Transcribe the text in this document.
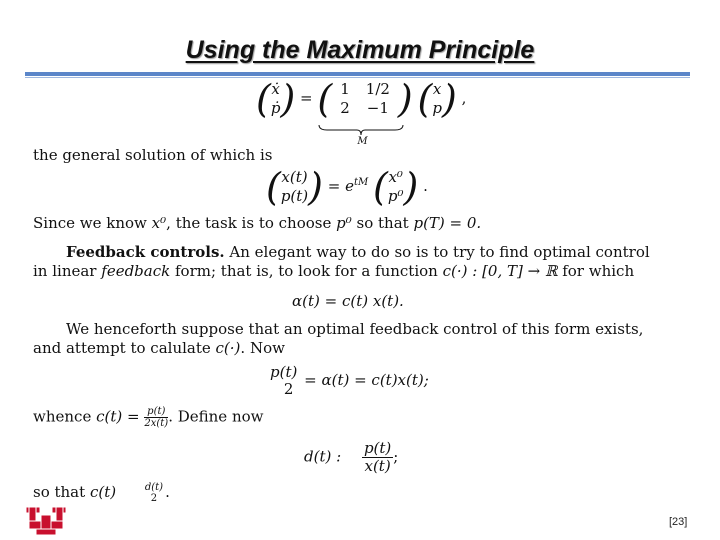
Using the Maximum Principle
(ẋ
ṗ) = ( 1
21/2
−1 )
M
(x
p) ,
the general solution of which is
(x(t)
$p(t)) = e^{tM}$ (x⁰
p⁰) .
Since we know x⁰, the task is to choose p⁰ so that p(T) = 0.
Feedback controls. An elegant way to do so is to try to find optimal control
in linear feedback form; that is, to look for a function c(·) : [0, T] → ℝ for which
α(t) = c(t) x(t).
We henceforth suppose that an optimal feedback control of this form exists,
and attempt to calulate c(·). Now
p(t)
2 = α(t) = c(t)x(t);
whence $c(t) = \frac{p(t)}{2x(t)}$ . Define now
d(t) : $\frac{p(t)}{x(t)}$ ;
so that c(t)	d(t)
2 .
[23]
